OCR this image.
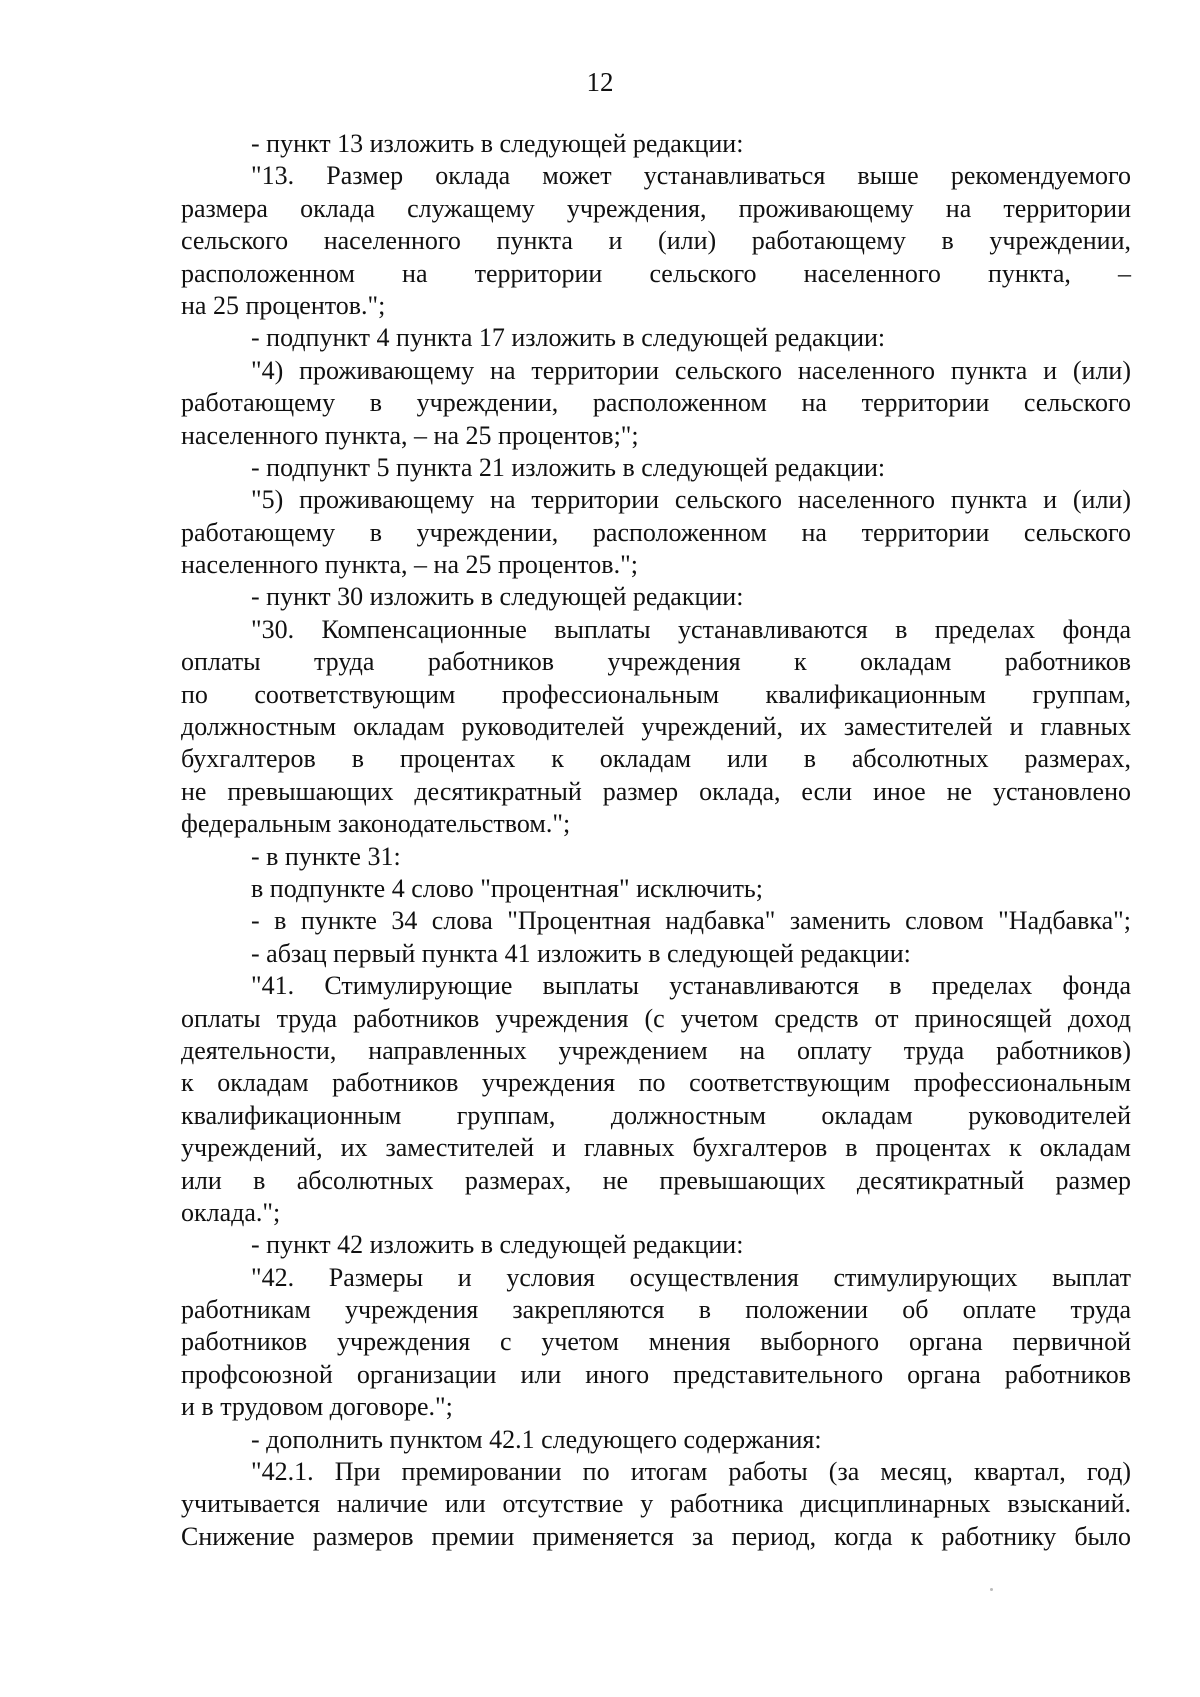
12
- пункт 13 изложить в следующей редакции:
"13. Размер оклада может устанавливаться выше рекомендуемого
размера оклада служащему учреждения, проживающему на территории
сельского населенного пункта и (или) работающему в учреждении,
расположенном на территории сельского населенного пункта, –
на 25 процентов.";
- подпункт 4 пункта 17 изложить в следующей редакции:
"4) проживающему на территории сельского населенного пункта и (или)
работающему в учреждении, расположенном на территории сельского
населенного пункта, – на 25 процентов;";
- подпункт 5 пункта 21 изложить в следующей редакции:
"5) проживающему на территории сельского населенного пункта и (или)
работающему в учреждении, расположенном на территории сельского
населенного пункта, – на 25 процентов.";
- пункт 30 изложить в следующей редакции:
"30. Компенсационные выплаты устанавливаются в пределах фонда
оплаты труда работников учреждения к окладам работников
по соответствующим профессиональным квалификационным группам,
должностным окладам руководителей учреждений, их заместителей и главных
бухгалтеров в процентах к окладам или в абсолютных размерах,
не превышающих десятикратный размер оклада, если иное не установлено
федеральным законодательством.";
- в пункте 31:
в подпункте 4 слово "процентная" исключить;
- в пункте 34 слова "Процентная надбавка" заменить словом "Надбавка";
- абзац первый пункта 41 изложить в следующей редакции:
"41. Стимулирующие выплаты устанавливаются в пределах фонда
оплаты труда работников учреждения (с учетом средств от приносящей доход
деятельности, направленных учреждением на оплату труда работников)
к окладам работников учреждения по соответствующим профессиональным
квалификационным группам, должностным окладам руководителей
учреждений, их заместителей и главных бухгалтеров в процентах к окладам
или в абсолютных размерах, не превышающих десятикратный размер
оклада.";
- пункт 42 изложить в следующей редакции:
"42. Размеры и условия осуществления стимулирующих выплат
работникам учреждения закрепляются в положении об оплате труда
работников учреждения с учетом мнения выборного органа первичной
профсоюзной организации или иного представительного органа работников
и в трудовом договоре.";
- дополнить пунктом 42.1 следующего содержания:
"42.1. При премировании по итогам работы (за месяц, квартал, год)
учитывается наличие или отсутствие у работника дисциплинарных взысканий.
Снижение размеров премии применяется за период, когда к работнику было
